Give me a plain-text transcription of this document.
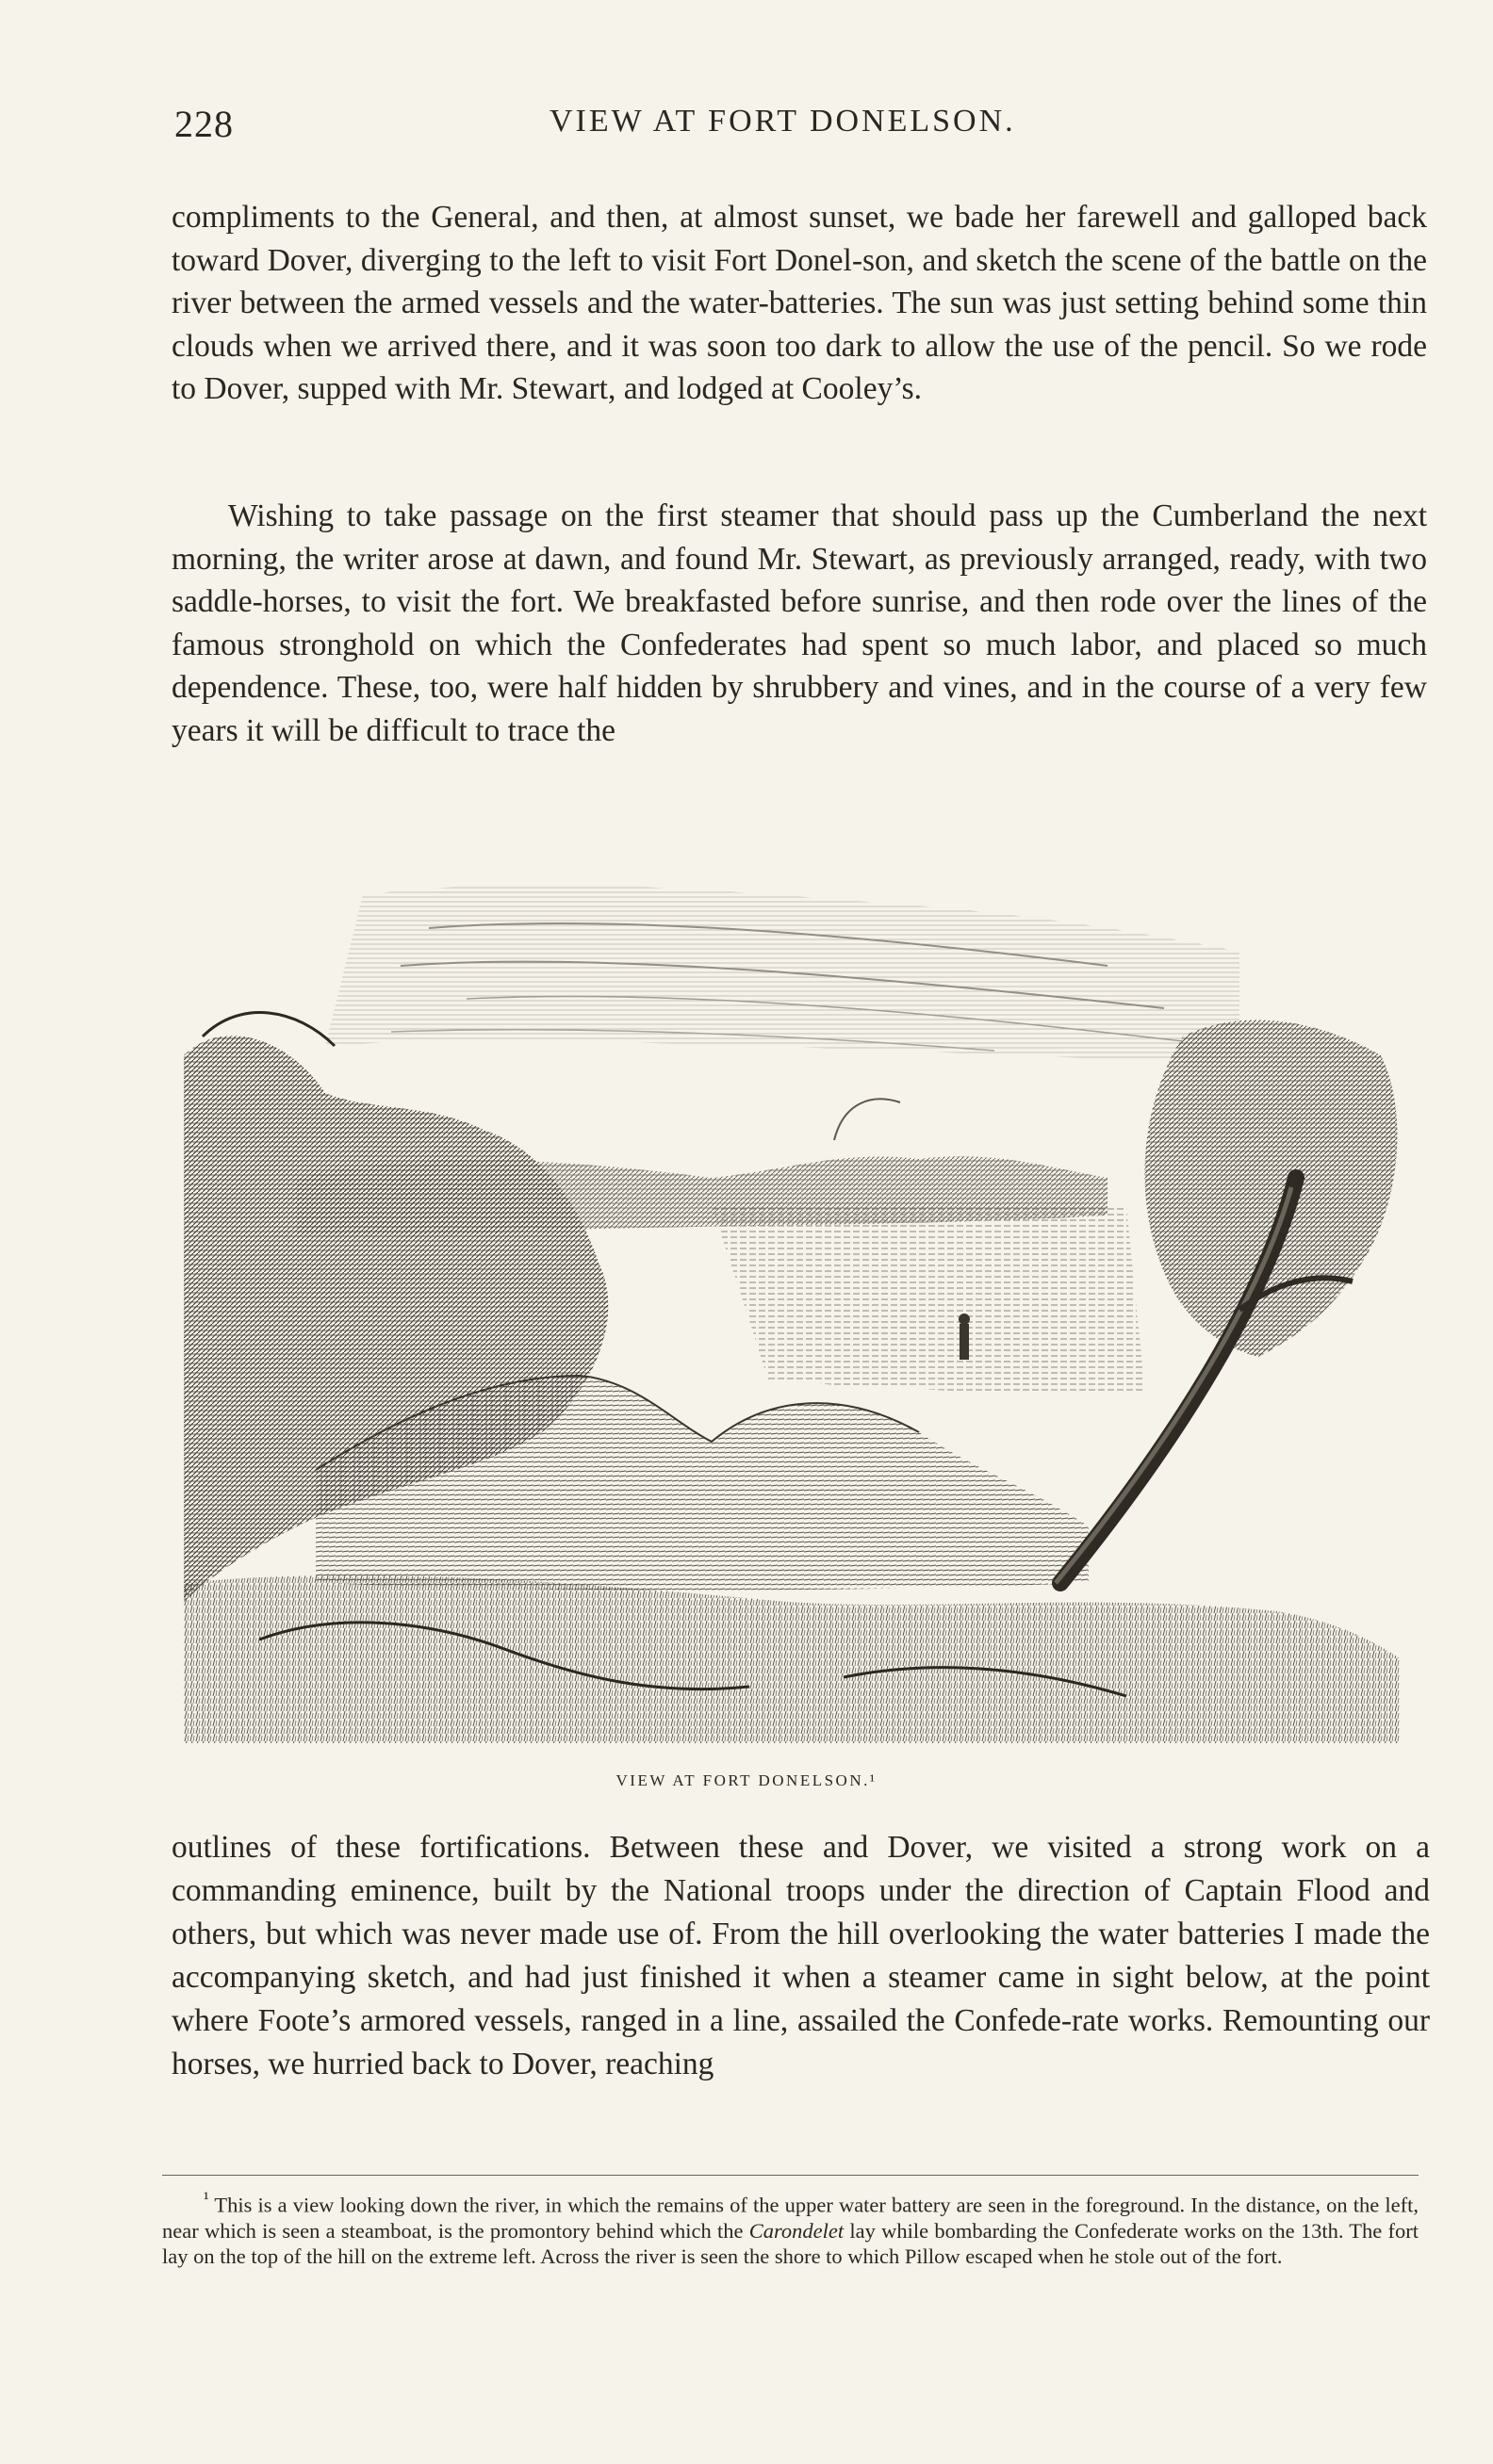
228	VIEW AT FORT DONELSON.

compliments to the General, and then, at almost sunset, we bade her farewell and galloped back toward Dover, diverging to the left to visit Fort Donel-son, and sketch the scene of the battle on the river between the armed vessels and the water-batteries. The sun was just setting behind some thin clouds when we arrived there, and it was soon too dark to allow the use of the pencil. So we rode to Dover, supped with Mr. Stewart, and lodged at Cooley’s.

Wishing to take passage on the first steamer that should pass up the Cumberland the next morning, the writer arose at dawn, and found Mr. Stewart, as previously arranged, ready, with two saddle-horses, to visit the fort. We breakfasted before sunrise, and then rode over the lines of the famous stronghold on which the Confederates had spent so much labor, and placed so much dependence. These, too, were half hidden by shrubbery and vines, and in the course of a very few years it will be difficult to trace the

VIEW AT FORT DONELSON.¹

outlines of these fortifications. Between these and Dover, we visited a strong work on a commanding eminence, built by the National troops under the direction of Captain Flood and others, but which was never made use of. From the hill overlooking the water batteries I made the accompanying sketch, and had just finished it when a steamer came in sight below, at the point where Foote’s armored vessels, ranged in a line, assailed the Confede-rate works. Remounting our horses, we hurried back to Dover, reaching

$^{^1}$ This is a view looking down the river, in which the remains of the upper water battery are seen in the foreground. In the distance, on the left, near which is seen a steamboat, is the promontory behind which the Carondelet lay while bombarding the Confederate works on the 13th. The fort lay on the top of the hill on the extreme left. Across the river is seen the shore to which Pillow escaped when he stole out of the fort.
